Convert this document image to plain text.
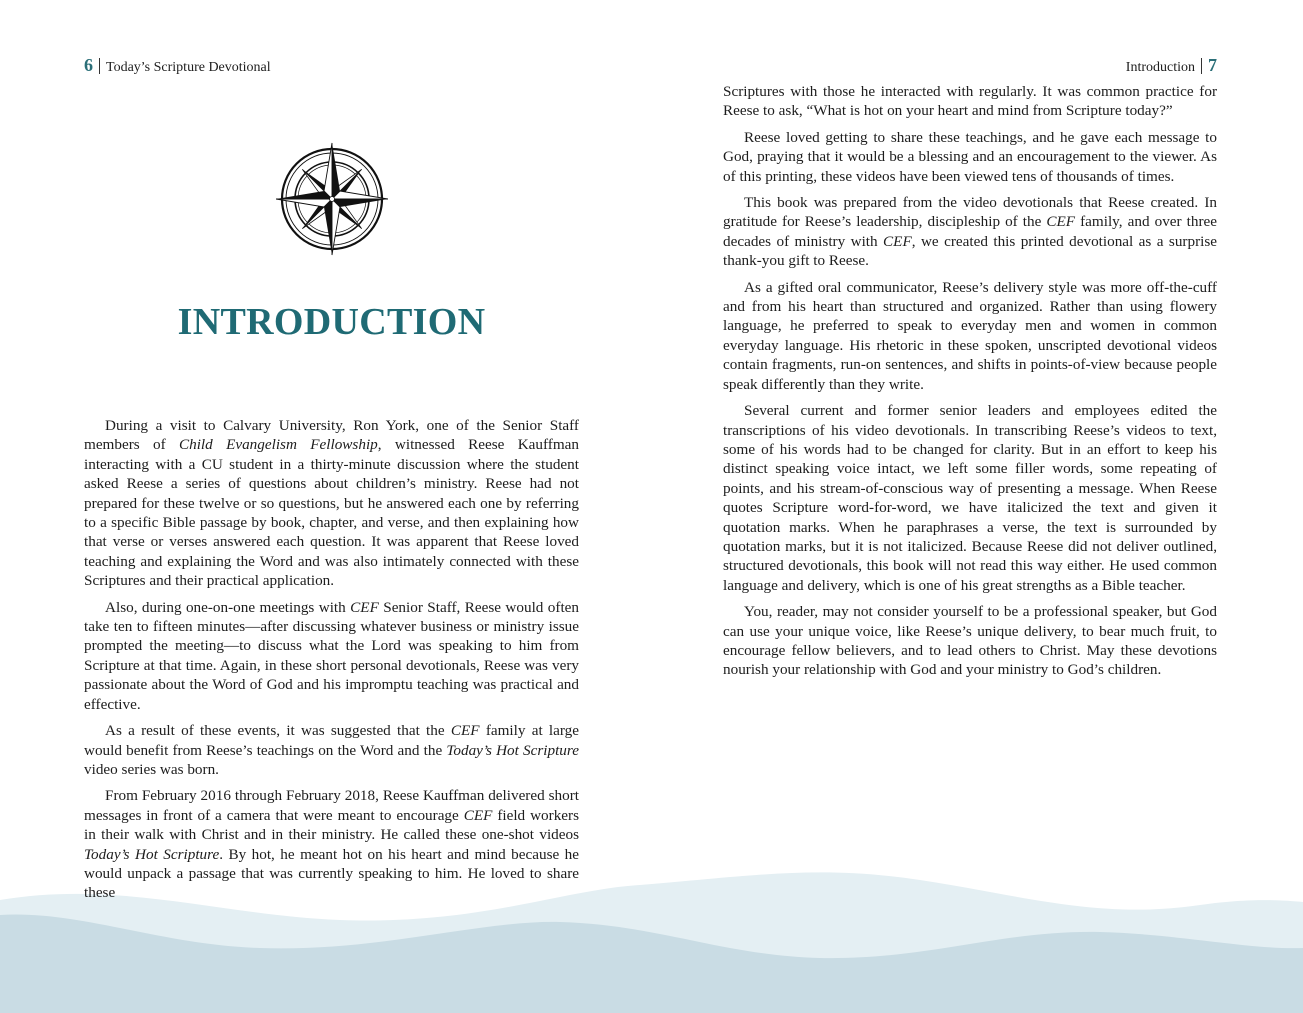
6 Today’s Scripture Devotional
INTRODUCTION

During a visit to Calvary University, Ron York, one of the Senior Staff members of Child Evangelism Fellowship, witnessed Reese Kauffman interacting with a CU student in a thirty-minute discussion where the student asked Reese a series of questions about children’s ministry. Reese had not prepared for these twelve or so questions, but he answered each one by referring to a specific Bible passage by book, chapter, and verse, and then explaining how that verse or verses answered each question. It was apparent that Reese loved teaching and explaining the Word and was also intimately connected with these Scriptures and their practical application.

Also, during one-on-one meetings with CEF Senior Staff, Reese would often take ten to fifteen minutes—after discussing whatever business or ministry issue prompted the meeting—to discuss what the Lord was speaking to him from Scripture at that time. Again, in these short personal devotionals, Reese was very passionate about the Word of God and his impromptu teaching was practical and effective.

As a result of these events, it was suggested that the CEF family at large would benefit from Reese’s teachings on the Word and the Today’s Hot Scripture video series was born.

From February 2016 through February 2018, Reese Kauffman delivered short messages in front of a camera that were meant to encourage CEF field workers in their walk with Christ and in their ministry. He called these one-shot videos Today’s Hot Scripture. By hot, he meant hot on his heart and mind because he would unpack a passage that was currently speaking to him. He loved to share these

Introduction 7

Scriptures with those he interacted with regularly. It was common practice for Reese to ask, “What is hot on your heart and mind from Scripture today?”

Reese loved getting to share these teachings, and he gave each message to God, praying that it would be a blessing and an encouragement to the viewer. As of this printing, these videos have been viewed tens of thousands of times.

This book was prepared from the video devotionals that Reese created. In gratitude for Reese’s leadership, discipleship of the CEF family, and over three decades of ministry with CEF, we created this printed devotional as a surprise thank-you gift to Reese.

As a gifted oral communicator, Reese’s delivery style was more off-the-cuff and from his heart than structured and organized. Rather than using flowery language, he preferred to speak to everyday men and women in common everyday language. His rhetoric in these spoken, unscripted devotional videos contain fragments, run-on sentences, and shifts in points-of-view because people speak differently than they write.

Several current and former senior leaders and employees edited the transcriptions of his video devotionals. In transcribing Reese’s videos to text, some of his words had to be changed for clarity. But in an effort to keep his distinct speaking voice intact, we left some filler words, some repeating of points, and his stream-of-conscious way of presenting a message. When Reese quotes Scripture word-for-word, we have italicized the text and given it quotation marks. When he paraphrases a verse, the text is surrounded by quotation marks, but it is not italicized. Because Reese did not deliver outlined, structured devotionals, this book will not read this way either. He used common language and delivery, which is one of his great strengths as a Bible teacher.

You, reader, may not consider yourself to be a professional speaker, but God can use your unique voice, like Reese’s unique delivery, to bear much fruit, to encourage fellow believers, and to lead others to Christ. May these devotions nourish your relationship with God and your ministry to God’s children.
